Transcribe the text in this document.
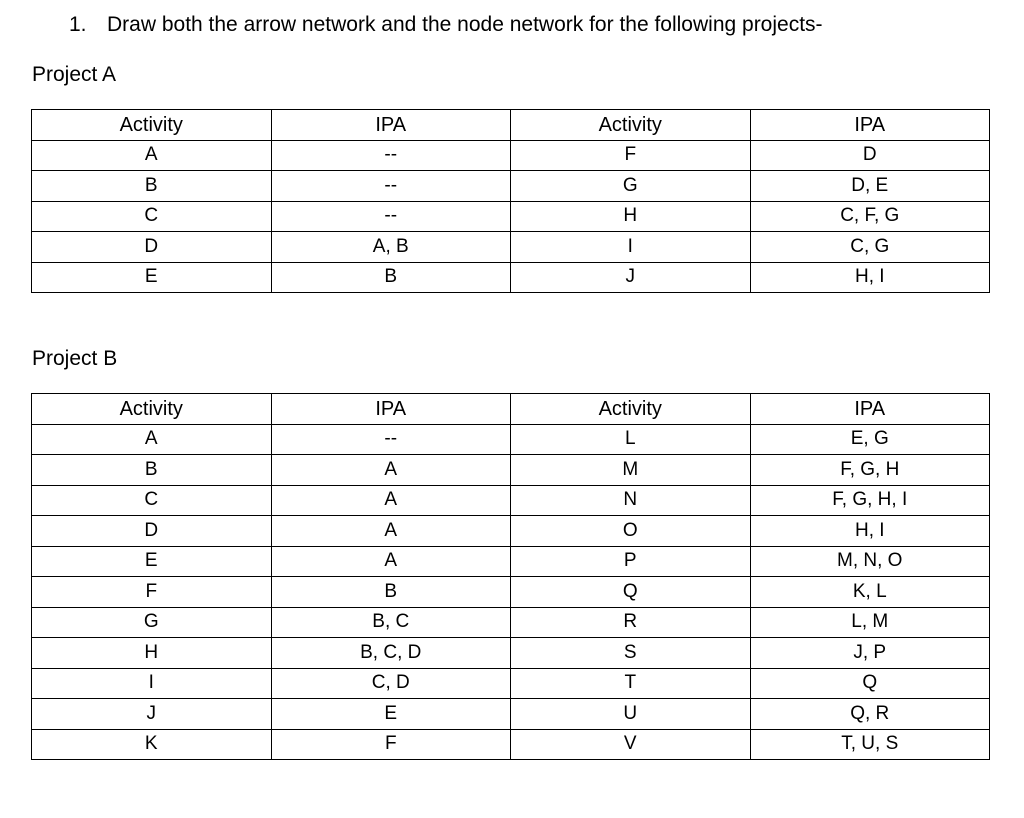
1. Draw both the arrow network and the node network for the following projects-
Project A
Activity	IPA	Activity	IPA
A	--	F	D
B	--	G	D, E
C	--	H	C, F, G
D	A, B	I	C, G
E	B	J	H, I
Project B
Activity	IPA	Activity	IPA
A	--	L	E, G
B	A	M	F, G, H
C	A	N	F, G, H, I
D	A	O	H, I
E	A	P	M, N, O
F	B	Q	K, L
G	B, C	R	L, M
H	B, C, D	S	J, P
I	C, D	T	Q
J	E	U	Q, R
K	F	V	T, U, S
